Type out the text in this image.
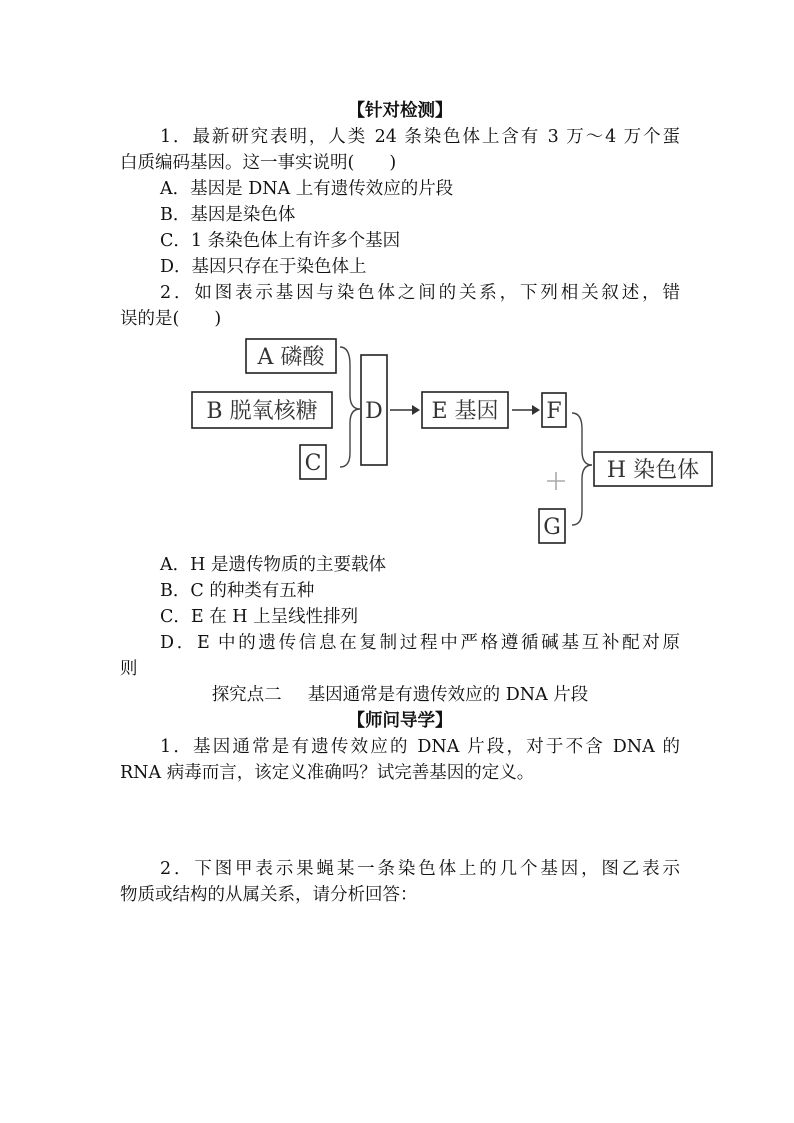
【针对检测】
1．最新研究表明，人类 24 条染色体上含有 3 万～4 万个蛋
白质编码基因。这一事实说明(　　)
A．基因是 DNA 上有遗传效应的片段
B．基因是染色体
C．1 条染色体上有许多个基因
D．基因只存在于染色体上
2．如图表示基因与染色体之间的关系，下列相关叙述，错
误的是(　　)
A 磷酸
B 脱氧核糖
C
D E 基因 F
G
H 染色体
A．H 是遗传物质的主要载体
B．C 的种类有五种
C．E 在 H 上呈线性排列
D．E 中的遗传信息在复制过程中严格遵循碱基互补配对原
则
探究点二 基因通常是有遗传效应的 DNA 片段
【师问导学】
1．基因通常是有遗传效应的 DNA 片段，对于不含 DNA 的
RNA 病毒而言，该定义准确吗？试完善基因的定义。
2．下图甲表示果蝇某一条染色体上的几个基因，图乙表示
物质或结构的从属关系，请分析回答：
